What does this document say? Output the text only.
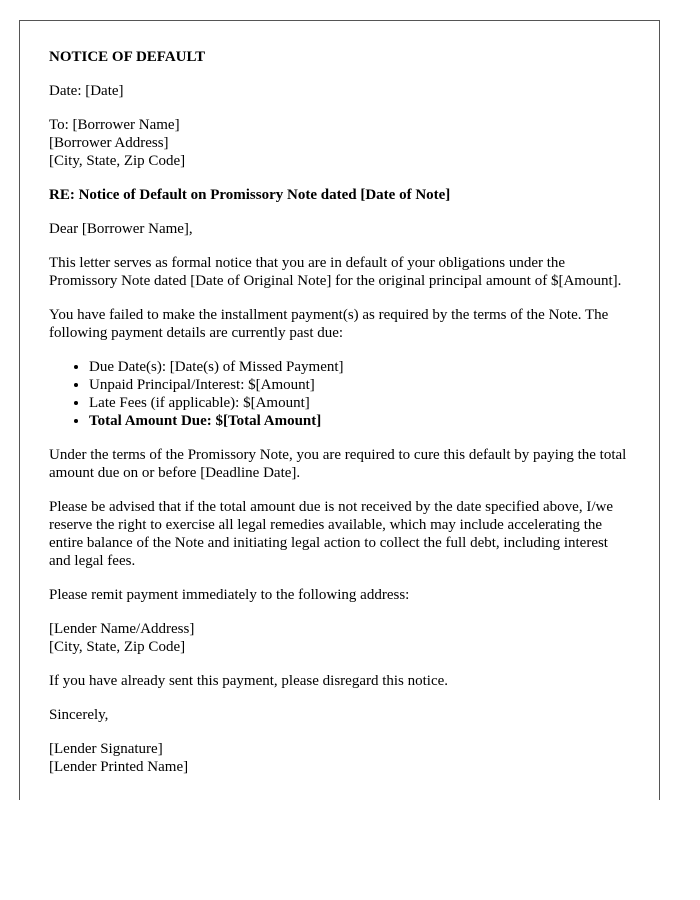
NOTICE OF DEFAULT

Date: [Date]

To: [Borrower Name]
[Borrower Address]
[City, State, Zip Code]

RE: Notice of Default on Promissory Note dated [Date of Note]

Dear [Borrower Name],

This letter serves as formal notice that you are in default of your obligations under the Promissory Note dated [Date of Original Note] for the original principal amount of $[Amount].

You have failed to make the installment payment(s) as required by the terms of the Note. The following payment details are currently past due:

• Due Date(s): [Date(s) of Missed Payment]
• Unpaid Principal/Interest: $[Amount]
• Late Fees (if applicable): $[Amount]
• Total Amount Due: $[Total Amount]

Under the terms of the Promissory Note, you are required to cure this default by paying the total amount due on or before [Deadline Date].

Please be advised that if the total amount due is not received by the date specified above, I/we reserve the right to exercise all legal remedies available, which may include accelerating the entire balance of the Note and initiating legal action to collect the full debt, including interest and legal fees.

Please remit payment immediately to the following address:

[Lender Name/Address]
[City, State, Zip Code]

If you have already sent this payment, please disregard this notice.

Sincerely,

[Lender Signature]
[Lender Printed Name]
